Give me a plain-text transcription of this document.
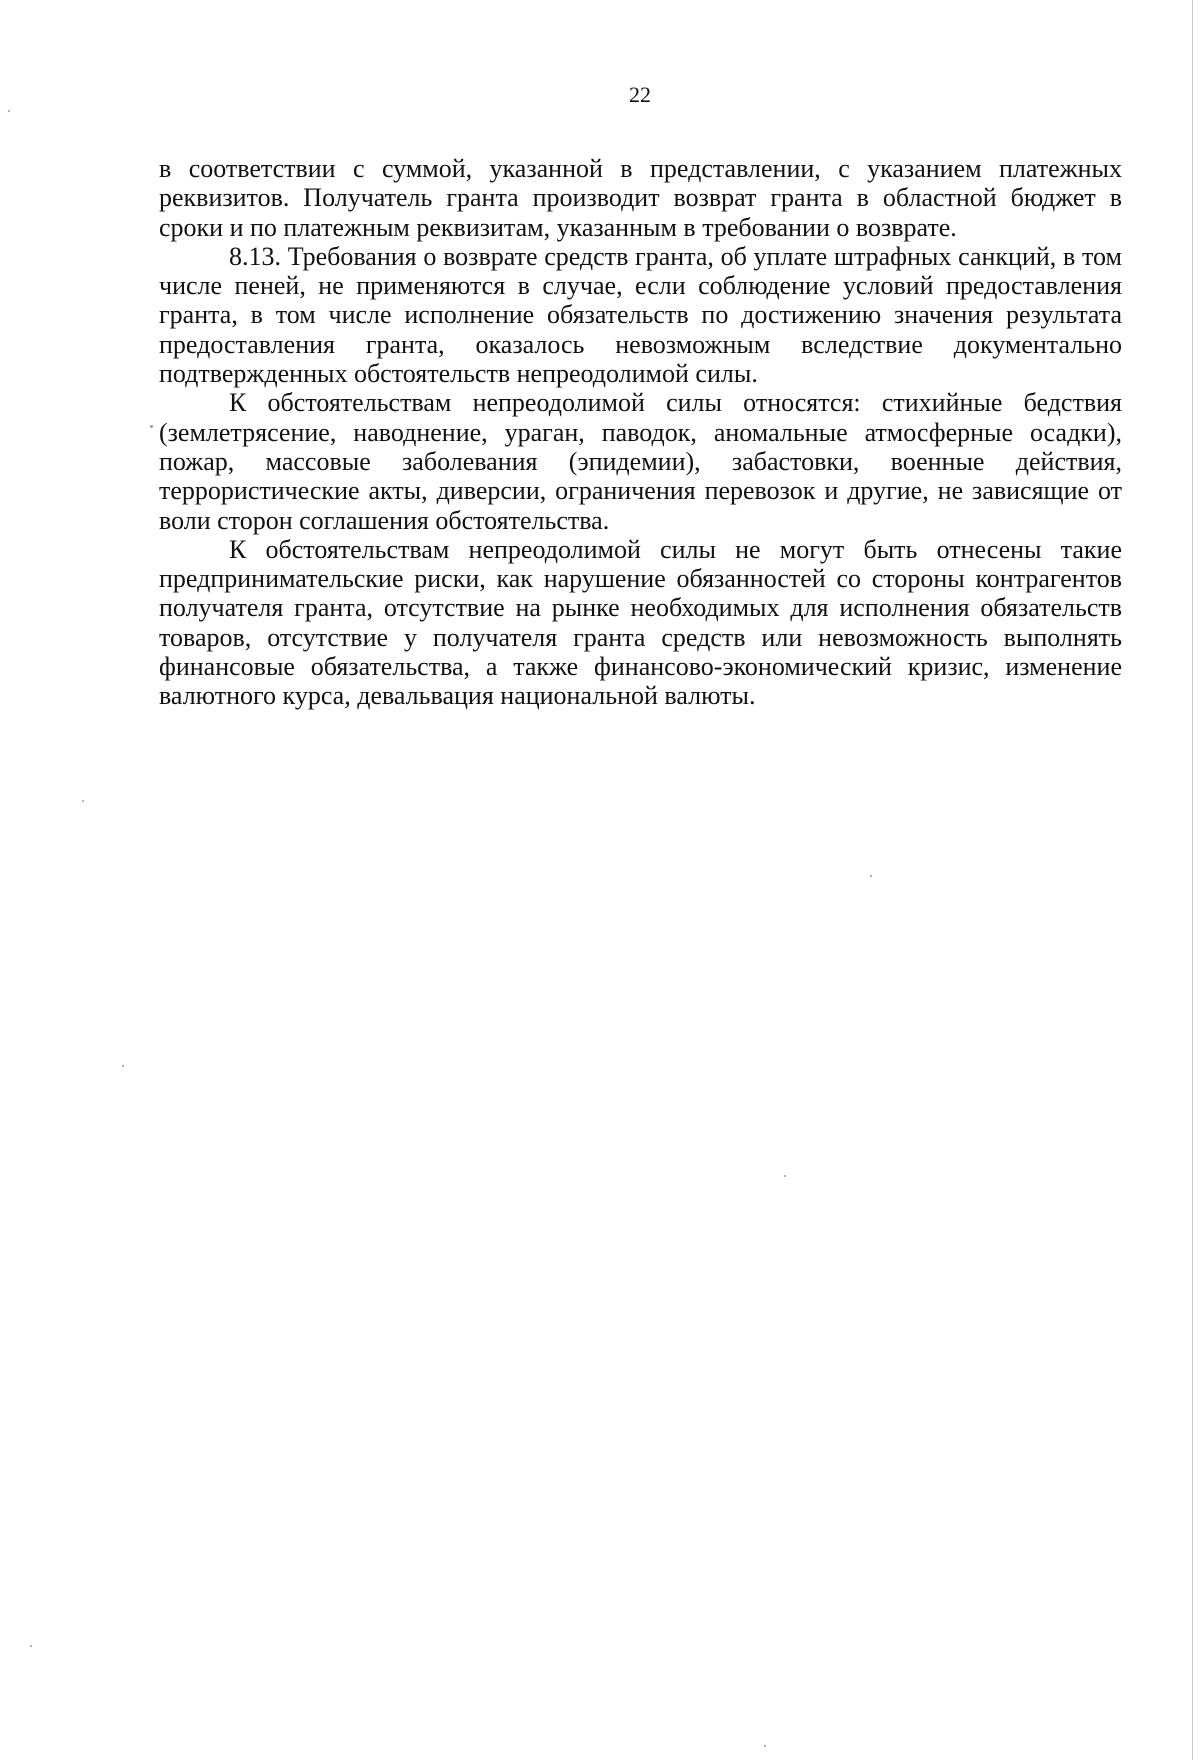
22

в соответствии с суммой, указанной в представлении, с указанием платежных реквизитов. Получатель гранта производит возврат гранта в областной бюджет в сроки и по платежным реквизитам, указанным в требовании о возврате.

8.13. Требования о возврате средств гранта, об уплате штрафных санкций, в том числе пеней, не применяются в случае, если соблюдение условий предоставления гранта, в том числе исполнение обязательств по достижению значения результата предоставления гранта, оказалось невозможным вследствие документально подтвержденных обстоятельств непреодолимой силы.

К обстоятельствам непреодолимой силы относятся: стихийные бедствия (землетрясение, наводнение, ураган, паводок, аномальные атмосферные осадки), пожар, массовые заболевания (эпидемии), забастовки, военные действия, террористические акты, диверсии, ограничения перевозок и другие, не зависящие от воли сторон соглашения обстоятельства.

К обстоятельствам непреодолимой силы не могут быть отнесены такие предпринимательские риски, как нарушение обязанностей со стороны контрагентов получателя гранта, отсутствие на рынке необходимых для исполнения обязательств товаров, отсутствие у получателя гранта средств или невозможность выполнять финансовые обязательства, а также финансово-экономический кризис, изменение валютного курса, девальвация национальной валюты.
